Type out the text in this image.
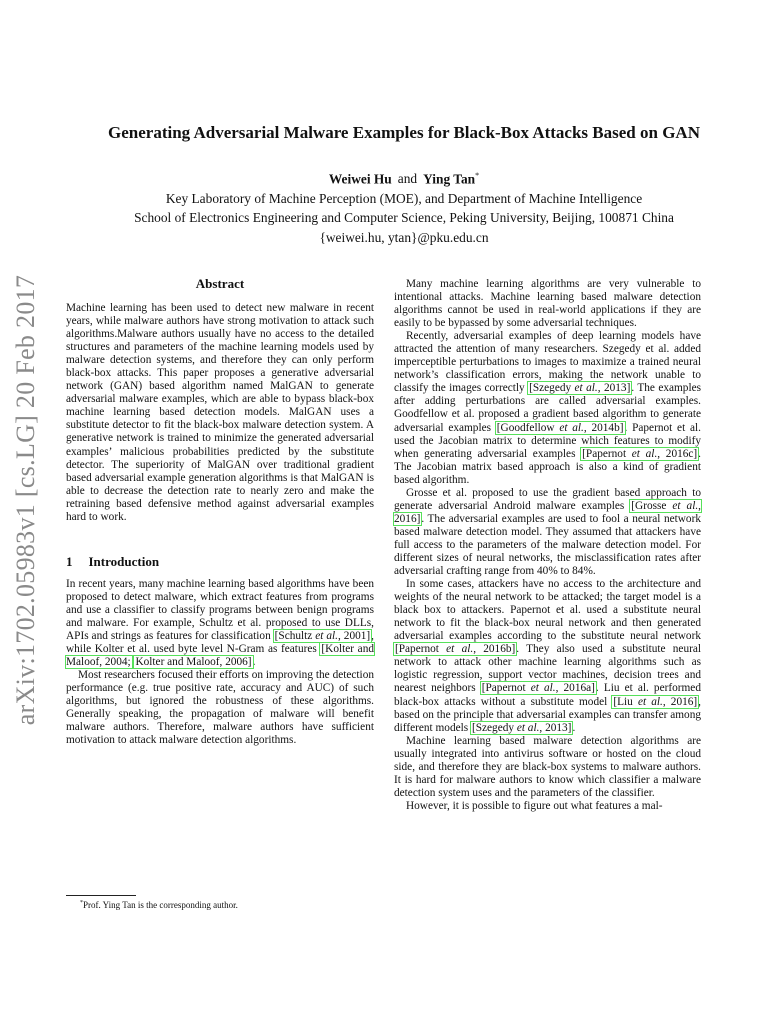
arXiv:1702.05983v1 [cs.LG] 20 Feb 2017
Generating Adversarial Malware Examples for Black-Box Attacks Based on GAN
Weiwei Hu and Ying Tan*
Key Laboratory of Machine Perception (MOE), and Department of Machine Intelligence
School of Electronics Engineering and Computer Science, Peking University, Beijing, 100871 China
{weiwei.hu, ytan}@pku.edu.cn
Abstract

Machine learning has been used to detect new malware in recent years, while malware authors have strong motivation to attack such algorithms.Malware authors usually have no access to the detailed structures and parameters of the machine learning models used by malware detection systems, and therefore they can only perform black-box attacks. This paper proposes a generative adversarial network (GAN) based algorithm named MalGAN to generate adversarial malware examples, which are able to bypass black-box machine learning based detection models. MalGAN uses a substitute detector to fit the black-box malware detection system. A generative network is trained to minimize the generated adversarial examples’ malicious probabilities predicted by the substitute detector. The superiority of MalGAN over traditional gradient based adversarial example generation algorithms is that MalGAN is able to decrease the detection rate to nearly zero and make the retraining based defensive method against adversarial examples hard to work.

1 Introduction

In recent years, many machine learning based algorithms have been proposed to detect malware, which extract features from programs and use a classifier to classify programs between benign programs and malware. For example, Schultz et al. proposed to use DLLs, APIs and strings as features for classification [Schultz et al., 2001], while Kolter et al. used byte level N-Gram as features [Kolter and Maloof, 2004; Kolter and Maloof, 2006].

Most researchers focused their efforts on improving the detection performance (e.g. true positive rate, accuracy and AUC) of such algorithms, but ignored the robustness of these algorithms. Generally speaking, the propagation of malware will benefit malware authors. Therefore, malware authors have sufficient motivation to attack malware detection algorithms.

Many machine learning algorithms are very vulnerable to intentional attacks. Machine learning based malware detection algorithms cannot be used in real-world applications if they are easily to be bypassed by some adversarial techniques.

Recently, adversarial examples of deep learning models have attracted the attention of many researchers. Szegedy et al. added imperceptible perturbations to images to maximize a trained neural network’s classification errors, making the network unable to classify the images correctly [Szegedy et al., 2013]. The examples after adding perturbations are called adversarial examples. Goodfellow et al. proposed a gradient based algorithm to generate adversarial examples [Goodfellow et al., 2014b]. Papernot et al. used the Jacobian matrix to determine which features to modify when generating adversarial examples [Papernot et al., 2016c]. The Jacobian matrix based approach is also a kind of gradient based algorithm.

Grosse et al. proposed to use the gradient based approach to generate adversarial Android malware examples [Grosse et al., 2016]. The adversarial examples are used to fool a neural network based malware detection model. They assumed that attackers have full access to the parameters of the malware detection model. For different sizes of neural networks, the misclassification rates after adversarial crafting range from 40% to 84%.

In some cases, attackers have no access to the architecture and weights of the neural network to be attacked; the target model is a black box to attackers. Papernot et al. used a substitute neural network to fit the black-box neural network and then generated adversarial examples according to the substitute neural network [Papernot et al., 2016b]. They also used a substitute neural network to attack other machine learning algorithms such as logistic regression, support vector machines, decision trees and nearest neighbors [Papernot et al., 2016a]. Liu et al. performed black-box attacks without a substitute model [Liu et al., 2016], based on the principle that adversarial examples can transfer among different models [Szegedy et al., 2013].

Machine learning based malware detection algorithms are usually integrated into antivirus software or hosted on the cloud side, and therefore they are black-box systems to malware authors. It is hard for malware authors to know which classifier a malware detection system uses and the parameters of the classifier.

However, it is possible to figure out what features a mal-

*Prof. Ying Tan is the corresponding author.
